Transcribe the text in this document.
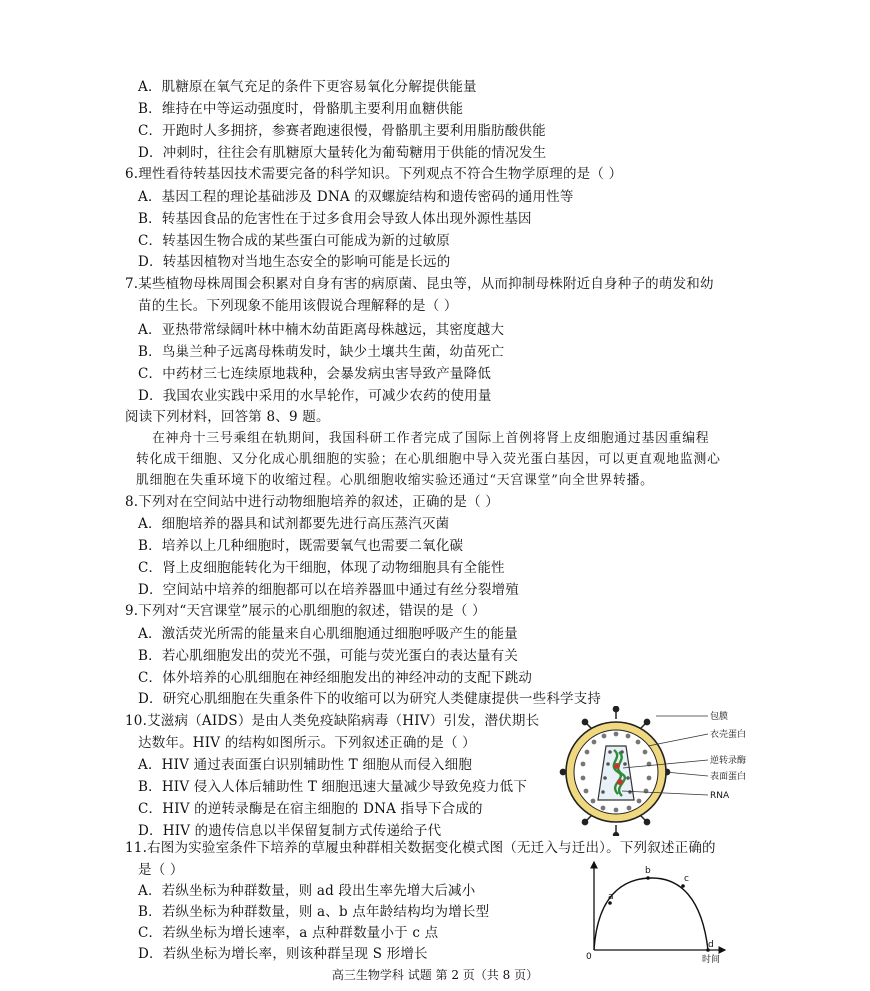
A．肌糖原在氧气充足的条件下更容易氧化分解提供能量
B．维持在中等运动强度时，骨骼肌主要利用血糖供能
C．开跑时人多拥挤，参赛者跑速很慢，骨骼肌主要利用脂肪酸供能
D．冲刺时，往往会有肌糖原大量转化为葡萄糖用于供能的情况发生
6.理性看待转基因技术需要完备的科学知识。下列观点不符合生物学原理的是（ ）
A．基因工程的理论基础涉及 DNA 的双螺旋结构和遗传密码的通用性等
B．转基因食品的危害性在于过多食用会导致人体出现外源性基因
C．转基因生物合成的某些蛋白可能成为新的过敏原
D．转基因植物对当地生态安全的影响可能是长远的
7.某些植物母株周围会积累对自身有害的病原菌、昆虫等，从而抑制母株附近自身种子的萌发和幼
苗的生长。下列现象不能用该假说合理解释的是（ ）
A．亚热带常绿阔叶林中楠木幼苗距离母株越远，其密度越大
B．鸟巢兰种子远离母株萌发时，缺少土壤共生菌，幼苗死亡
C．中药材三七连续原地栽种，会暴发病虫害导致产量降低
D．我国农业实践中采用的水旱轮作，可减少农药的使用量
阅读下列材料，回答第 8、9 题。
在神舟十三号乘组在轨期间，我国科研工作者完成了国际上首例将肾上皮细胞通过基因重编程
转化成干细胞、又分化成心肌细胞的实验；在心肌细胞中导入荧光蛋白基因，可以更直观地监测心
肌细胞在失重环境下的收缩过程。心肌细胞收缩实验还通过“天宫课堂”向全世界转播。
8.下列对在空间站中进行动物细胞培养的叙述，正确的是（ ）
A．细胞培养的器具和试剂都要先进行高压蒸汽灭菌
B．培养以上几种细胞时，既需要氧气也需要二氧化碳
C．肾上皮细胞能转化为干细胞，体现了动物细胞具有全能性
D．空间站中培养的细胞都可以在培养器皿中通过有丝分裂增殖
9.下列对“天宫课堂”展示的心肌细胞的叙述，错误的是（ ）
A．激活荧光所需的能量来自心肌细胞通过细胞呼吸产生的能量
B．若心肌细胞发出的荧光不强，可能与荧光蛋白的表达量有关
C．体外培养的心肌细胞在神经细胞发出的神经冲动的支配下跳动
D．研究心肌细胞在失重条件下的收缩可以为研究人类健康提供一些科学支持
10.艾滋病（AIDS）是由人类免疫缺陷病毒（HIV）引发，潜伏期长
达数年。HIV 的结构如图所示。下列叙述正确的是（ ）
A．HIV 通过表面蛋白识别辅助性 T 细胞从而侵入细胞
B．HIV 侵入人体后辅助性 T 细胞迅速大量减少导致免疫力低下
C．HIV 的逆转录酶是在宿主细胞的 DNA 指导下合成的
D．HIV 的遗传信息以半保留复制方式传递给子代
包膜
衣壳蛋白
逆转录酶
表面蛋白
RNA
11.右图为实验室条件下培养的草履虫种群相关数据变化模式图（无迁入与迁出）。下列叙述正确的
是（ ）
A．若纵坐标为种群数量，则 ad 段出生率先增大后减小
B．若纵坐标为种群数量，则 a、b 点年龄结构均为增长型
C．若纵坐标为增长速率，a 点种群数量小于 c 点
D．若纵坐标为增长率，则该种群呈现 S 形增长
a
b
c
d
0	时间
高三生物学科 试题 第 2 页（共 8 页）
